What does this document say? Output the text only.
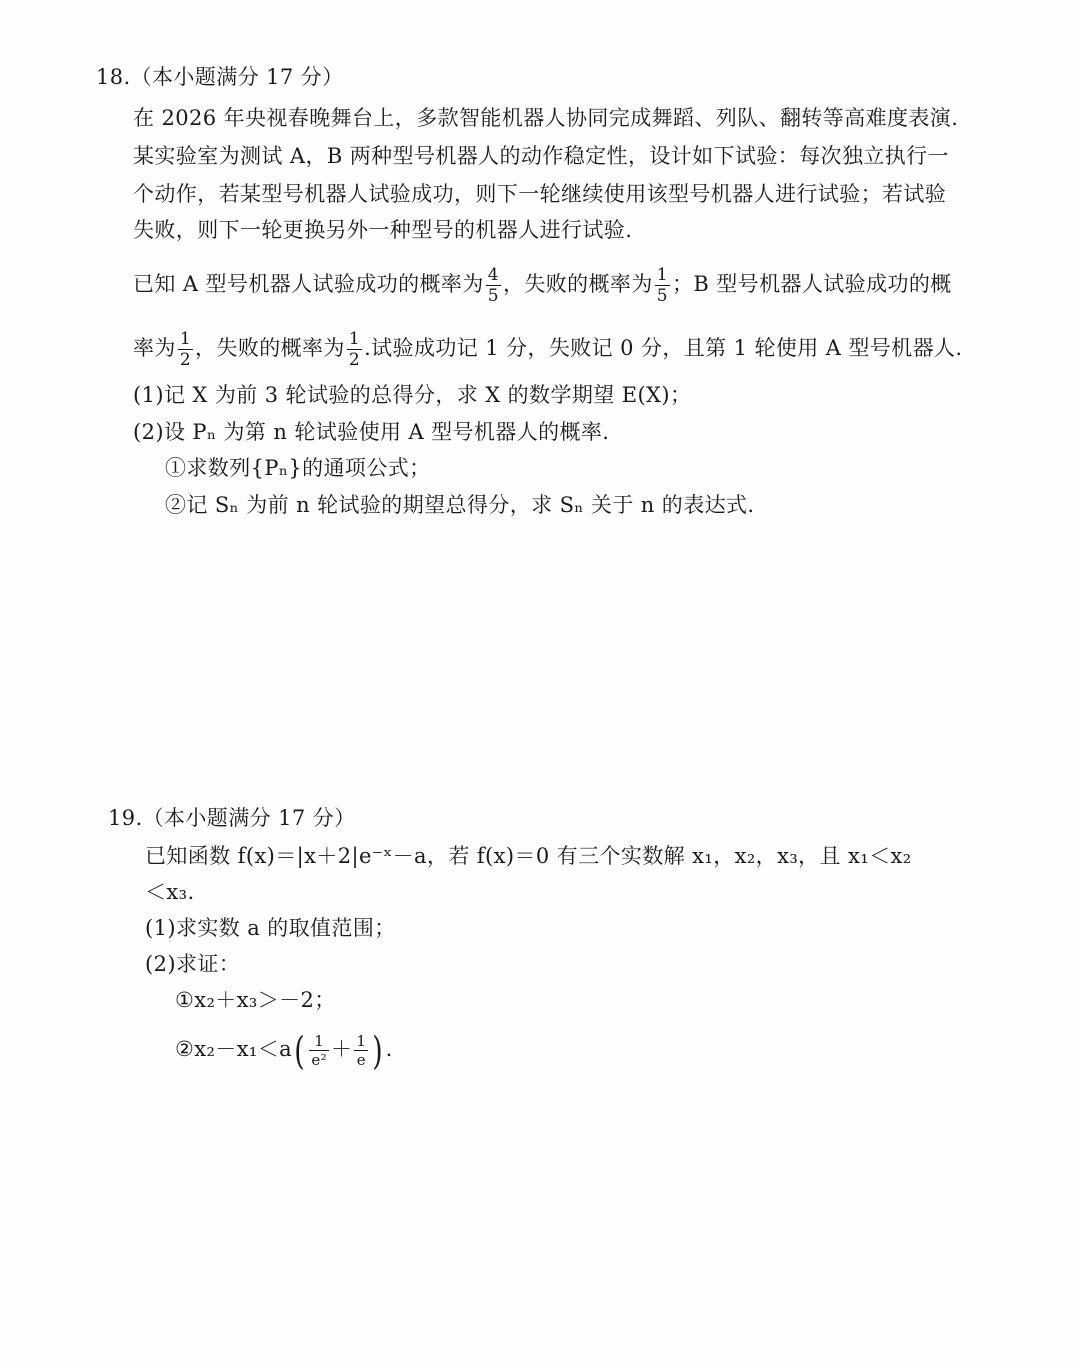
18.（本小题满分 17 分）
在 2026 年央视春晚舞台上，多款智能机器人协同完成舞蹈、列队、翻转等高难度表演.
某实验室为测试 A，B 两种型号机器人的动作稳定性，设计如下试验：每次独立执行一
个动作，若某型号机器人试验成功，则下一轮继续使用该型号机器人进行试验；若试验
失败，则下一轮更换另外一种型号的机器人进行试验.
已知 A 型号机器人试验成功的概率为 $\frac{4}{5}$ ，失败的概率为 $\frac{1}{5}$ ；B 型号机器人试验成功的概
率为 $\frac{1}{2}$ ，失败的概率为 $\frac{1}{2}$ .试验成功记 1 分，失败记 0 分，且第 1 轮使用 A 型号机器人.
(1)记 X 为前 3 轮试验的总得分，求 X 的数学期望 E(X)；
(2)设 Pₙ 为第 n 轮试验使用 A 型号机器人的概率.
①求数列{Pₙ}的通项公式；
②记 Sₙ 为前 n 轮试验的期望总得分，求 Sₙ 关于 n 的表达式.
19.（本小题满分 17 分）
已知函数 f(x)＝|x＋2|e⁻ˣ－a，若 f(x)＝0 有三个实数解 x₁，x₂，x₃，且 x₁＜x₂
＜x₃.
(1)求实数 a 的取值范围；
(2)求证：
①x₂＋x₃＞－2；
②x₂－x₁＜a( $\frac{1}{\text{e²}} + \frac{1}{e}$ ) .
